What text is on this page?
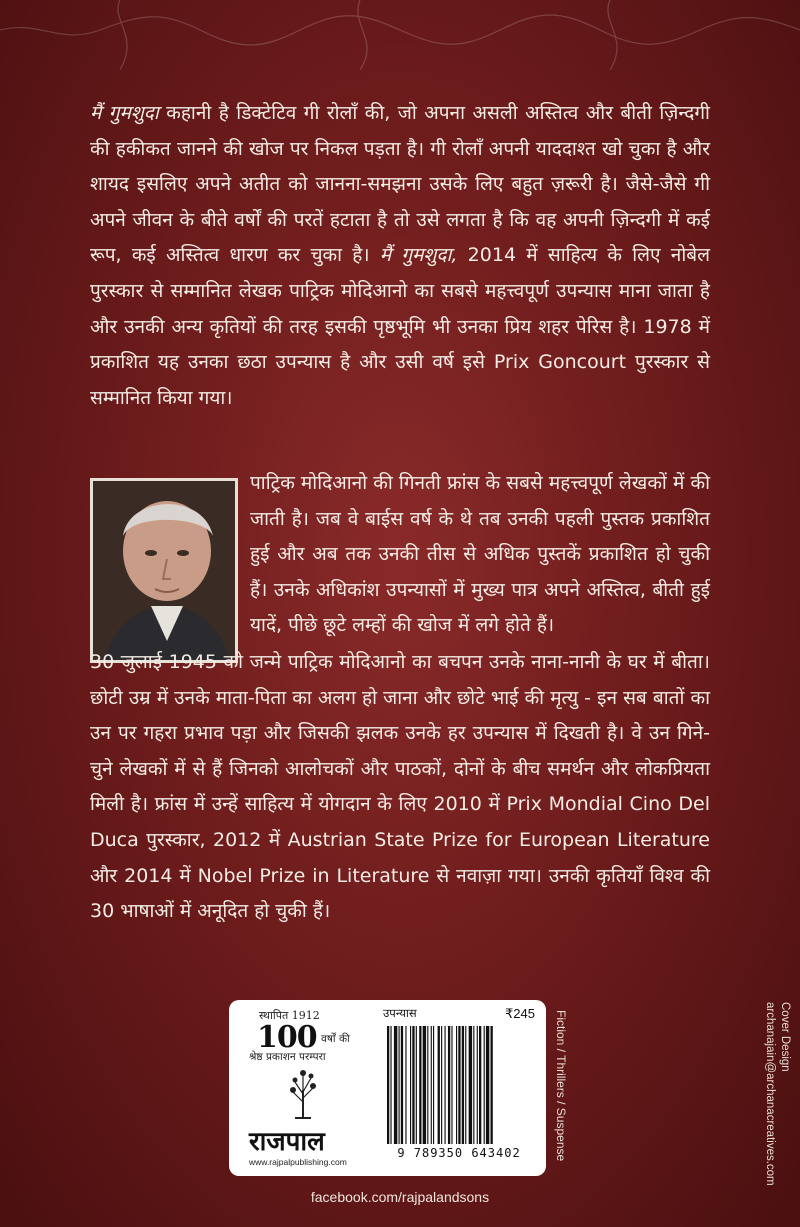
मैं गुमशुदा कहानी है डिक्टेटिव गी रोलाँ की, जो अपना असली अस्तित्व और बीती ज़िन्दगी की हकीकत जानने की खोज पर निकल पड़ता है। गी रोलाँ अपनी याददाश्त खो चुका है और शायद इसलिए अपने अतीत को जानना-समझना उसके लिए बहुत ज़रूरी है। जैसे-जैसे गी अपने जीवन के बीते वर्षों की परतें हटाता है तो उसे लगता है कि वह अपनी ज़िन्दगी में कई रूप, कई अस्तित्व धारण कर चुका है। मैं गुमशुदा, 2014 में साहित्य के लिए नोबेल पुरस्कार से सम्मानित लेखक पाट्रिक मोदिआनो का सबसे महत्त्वपूर्ण उपन्यास माना जाता है और उनकी अन्य कृतियों की तरह इसकी पृष्ठभूमि भी उनका प्रिय शहर पेरिस है। 1978 में प्रकाशित यह उनका छठा उपन्यास है और उसी वर्ष इसे Prix Goncourt पुरस्कार से सम्मानित किया गया।
पाट्रिक मोदिआनो की गिनती फ्रांस के सबसे महत्त्वपूर्ण लेखकों में की जाती है। जब वे बाईस वर्ष के थे तब उनकी पहली पुस्तक प्रकाशित हुई और अब तक उनकी तीस से अधिक पुस्तकें प्रकाशित हो चुकी हैं। उनके अधिकांश उपन्यासों में मुख्य पात्र अपने अस्तित्व, बीती हुई यादें, पीछे छूटे लम्हों की खोज में लगे होते हैं।
30 जुलाई 1945 को जन्मे पाट्रिक मोदिआनो का बचपन उनके नाना-नानी के घर में बीता। छोटी उम्र में उनके माता-पिता का अलग हो जाना और छोटे भाई की मृत्यु - इन सब बातों का उन पर गहरा प्रभाव पड़ा और जिसकी झलक उनके हर उपन्यास में दिखती है। वे उन गिने-चुने लेखकों में से हैं जिनको आलोचकों और पाठकों, दोनों के बीच समर्थन और लोकप्रियता मिली है। फ्रांस में उन्हें साहित्य में योगदान के लिए 2010 में Prix Mondial Cino Del Duca पुरस्कार, 2012 में Austrian State Prize for European Literature और 2014 में Nobel Prize in Literature से नवाज़ा गया। उनकी कृतियाँ विश्व की 30 भाषाओं में अनूदित हो चुकी हैं।
स्थापित 1912
100 वर्षों की
श्रेष्ठ प्रकाशन परम्परा
राजपाल
www.rajpalpublishing.com
उपन्यास	₹245
9 789350 643402	Fiction / Thrillers / Suspense	Cover Design
archanajain@archanacreatives.com
facebook.com/rajpalandsons
